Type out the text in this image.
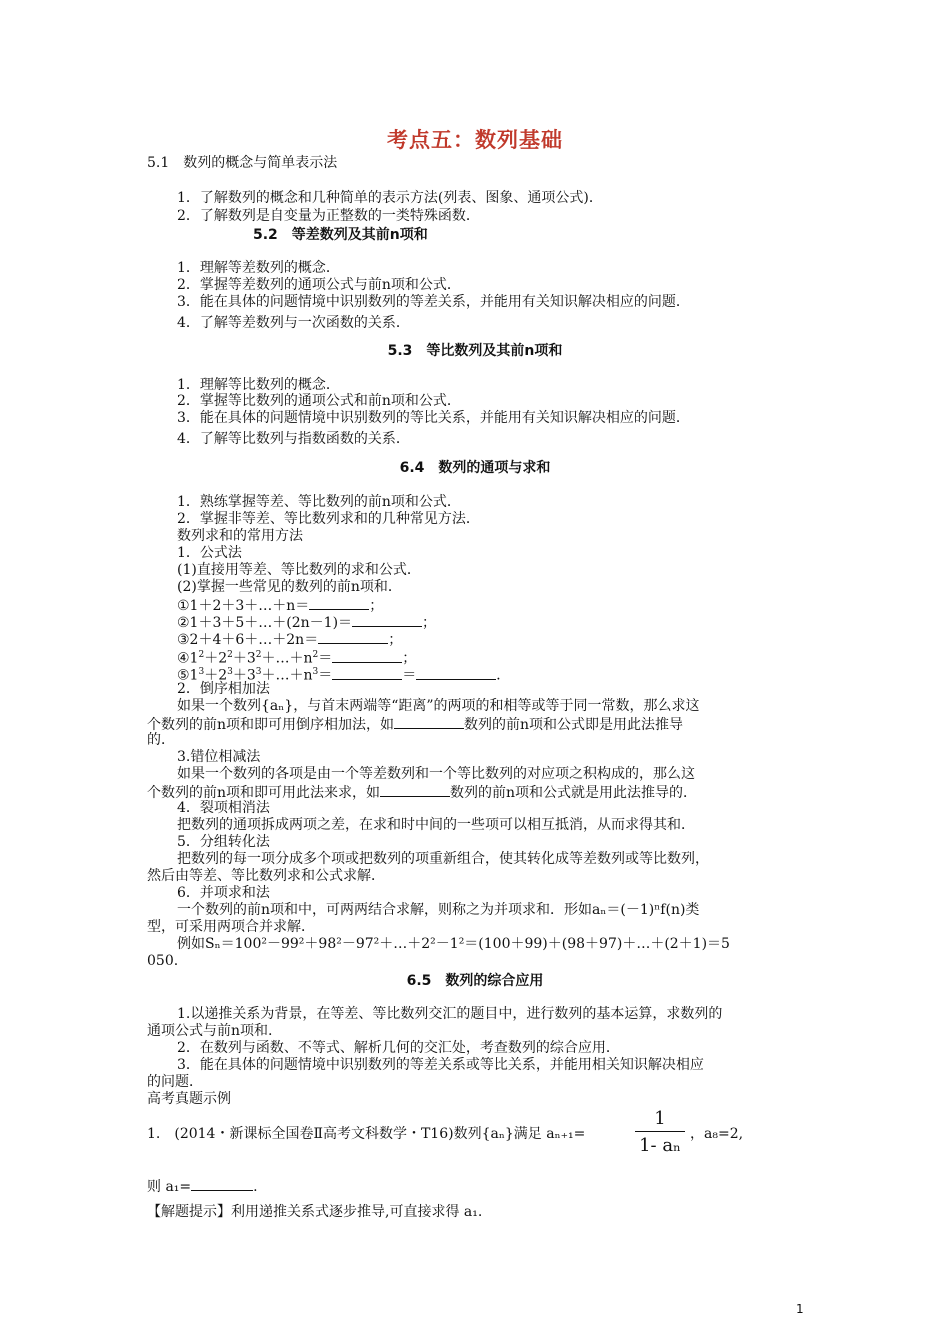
考点五：数列基础
5.1　数列的概念与简单表示法
1．了解数列的概念和几种简单的表示方法(列表、图象、通项公式)．
2．了解数列是自变量为正整数的一类特殊函数．
5.2　等差数列及其前n项和
1．理解等差数列的概念．
2．掌握等差数列的通项公式与前n项和公式．
3．能在具体的问题情境中识别数列的等差关系，并能用有关知识解决相应的问题．
4．了解等差数列与一次函数的关系．
5.3　等比数列及其前n项和
1．理解等比数列的概念．
2．掌握等比数列的通项公式和前n项和公式．
3．能在具体的问题情境中识别数列的等比关系，并能用有关知识解决相应的问题．
4．了解等比数列与指数函数的关系．
6.4　数列的通项与求和
1．熟练掌握等差、等比数列的前n项和公式．
2．掌握非等差、等比数列求和的几种常见方法．
数列求和的常用方法
1．公式法
(1)直接用等差、等比数列的求和公式．
(2)掌握一些常见的数列的前n项和．
①1＋2＋3＋…＋n＝	；
②1＋3＋5＋…＋(2n－1)＝	；
③2＋4＋6＋…＋2n＝	；
$④1^2+2^2+3^2+\dots+n^2=$	；
$⑤1^3+2^3+3^3+\dots+n^3=$	＝	．
2．倒序相加法
如果一个数列{aₙ}，与首末两端等“距离”的两项的和相等或等于同一常数，那么求这
个数列的前n项和即可用倒序相加法，如	数列的前n项和公式即是用此法推导
的．
3.错位相减法
如果一个数列的各项是由一个等差数列和一个等比数列的对应项之积构成的，那么这
个数列的前n项和即可用此法来求，如	数列的前n项和公式就是用此法推导的．
4．裂项相消法
把数列的通项拆成两项之差，在求和时中间的一些项可以相互抵消，从而求得其和．
5．分组转化法
把数列的每一项分成多个项或把数列的项重新组合，使其转化成等差数列或等比数列，
然后由等差、等比数列求和公式求解．
6．并项求和法
一个数列的前n项和中，可两两结合求解，则称之为并项求和．形如aₙ＝(－1)ⁿf(n)类
型，可采用两项合并求解．
例如Sₙ＝100²－99²＋98²－97²＋…＋2²－1²＝(100＋99)＋(98＋97)＋…＋(2＋1)＝5
050.
6.5　数列的综合应用
1.以递推关系为背景，在等差、等比数列交汇的题目中，进行数列的基本运算，求数列的
通项公式与前n项和.
2．在数列与函数、不等式、解析几何的交汇处，考查数列的综合应用．
3．能在具体的问题情境中识别数列的等差关系或等比关系，并能用相关知识解决相应
的问题．
高考真题示例
1.　(2014・新课标全国卷Ⅱ高考文科数学・T16)数列{aₙ}满足 aₙ₊₁=	$\frac{1}{\text{1- aₙ}}$ ，a₈=2,
则 a₁=	.
【解题提示】利用递推关系式逐步推导,可直接求得 a₁.
1
